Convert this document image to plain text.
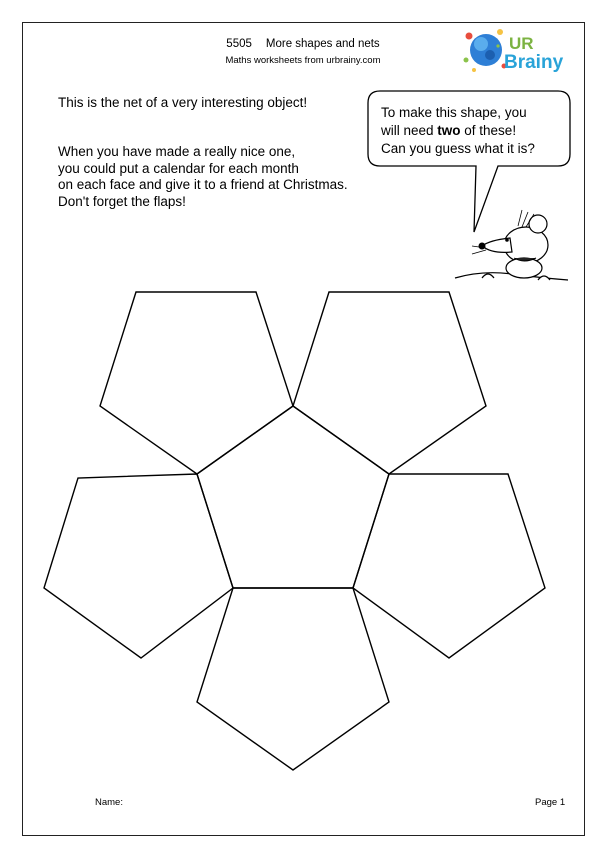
5505 More shapes and nets
Maths worksheets from urbrainy.com
UR
Brainy
This is the net of a very interesting object!
When you have made a really nice one,
you could put a calendar for each month
on each face and give it to a friend at Christmas.
Don't forget the flaps!
To make this shape, you
will need two of these!
Can you guess what it is?
Name:	Page 1
